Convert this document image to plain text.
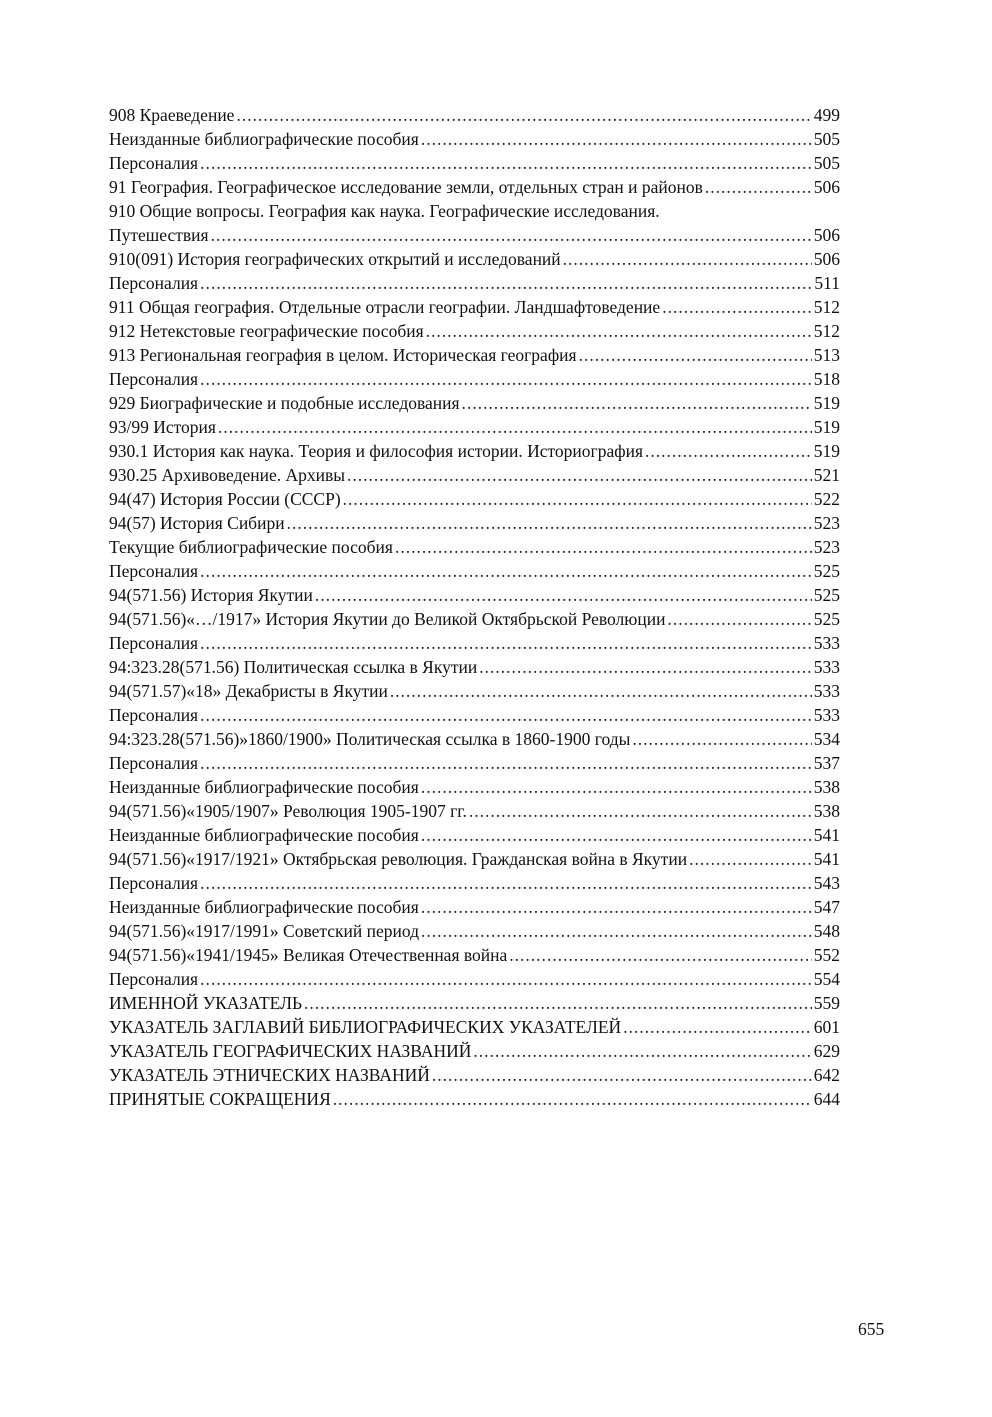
908 Краеведение .....	499
Неизданные библиографические пособия .....	505
Персоналия .....	505
91 География. Географическое исследование земли, отдельных стран и районов .....	506
910 Общие вопросы. География как наука. Географические исследования.
Путешествия .....	506
910(091) История географических открытий и исследований .....	506
Персоналия .....	511
911 Общая география. Отдельные отрасли географии. Ландшафтоведение .....	512
912 Нетекстовые географические пособия .....	512
913 Региональная география в целом. Историческая география .....	513
Персоналия .....	518
929 Биографические и подобные исследования .....	519
93/99 История .....	519
930.1 История как наука. Теория и философия истории. Историография .....	519
930.25 Архивоведение. Архивы .....	521
94(47) История России (СССР) .....	522
94(57) История Сибири .....	523
Текущие библиографические пособия .....	523
Персоналия .....	525
94(571.56) История Якутии .....	525
94(571.56)«…/1917» История Якутии до Великой Октябрьской Революции .....	525
Персоналия .....	533
94:323.28(571.56) Политическая ссылка в Якутии .....	533
94(571.57)«18» Декабристы в Якутии .....	533
Персоналия .....	533
94:323.28(571.56)»1860/1900» Политическая ссылка в 1860-1900 годы .....	534
Персоналия .....	537
Неизданные библиографические пособия .....	538
94(571.56)«1905/1907» Революция 1905-1907 гг. .....	538
Неизданные библиографические пособия .....	541
94(571.56)«1917/1921» Октябрьская революция. Гражданская война в Якутии .....	541
Персоналия .....	543
Неизданные библиографические пособия .....	547
94(571.56)«1917/1991» Советский период .....	548
94(571.56)«1941/1945» Великая Отечественная война .....	552
Персоналия .....	554
ИМЕННОЙ УКАЗАТЕЛЬ .....	559
УКАЗАТЕЛЬ ЗАГЛАВИЙ БИБЛИОГРАФИЧЕСКИХ УКАЗАТЕЛЕЙ .....	601
УКАЗАТЕЛЬ ГЕОГРАФИЧЕСКИХ НАЗВАНИЙ .....	629
УКАЗАТЕЛЬ ЭТНИЧЕСКИХ НАЗВАНИЙ .....	642
ПРИНЯТЫЕ СОКРАЩЕНИЯ .....	644
655
